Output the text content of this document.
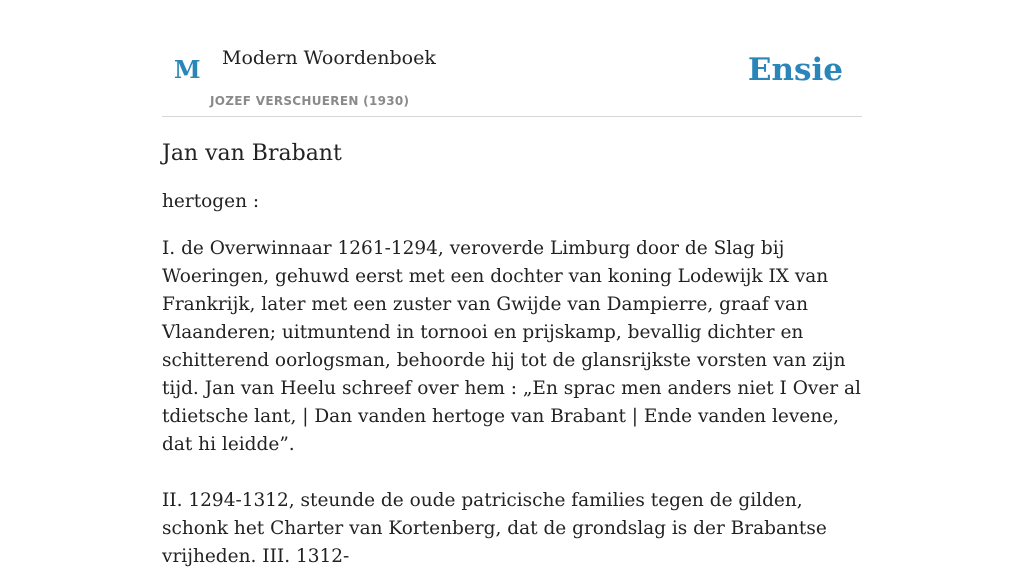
M Modern Woordenboek
JOZEF VERSCHUEREN (1930)
Ensie
Jan van Brabant

hertogen :

I. de Overwinnaar 1261-1294, veroverde Limburg door de Slag bij Woeringen, gehuwd eerst met een dochter van koning Lodewijk IX van Frankrijk, later met een zuster van Gwijde van Dampierre, graaf van Vlaanderen; uitmuntend in tornooi en prijskamp, bevallig dichter en schitterend oorlogsman, behoorde hij tot de glansrijkste vorsten van zijn tijd. Jan van Heelu schreef over hem : „En sprac men anders niet I Over al tdietsche lant, | Dan vanden hertoge van Brabant | Ende vanden levene, dat hi leidde”.

II. 1294-1312, steunde de oude patricische families tegen de gilden, schonk het Charter van Kortenberg, dat de grondslag is der Brabantse vrijheden. III. 1312-
